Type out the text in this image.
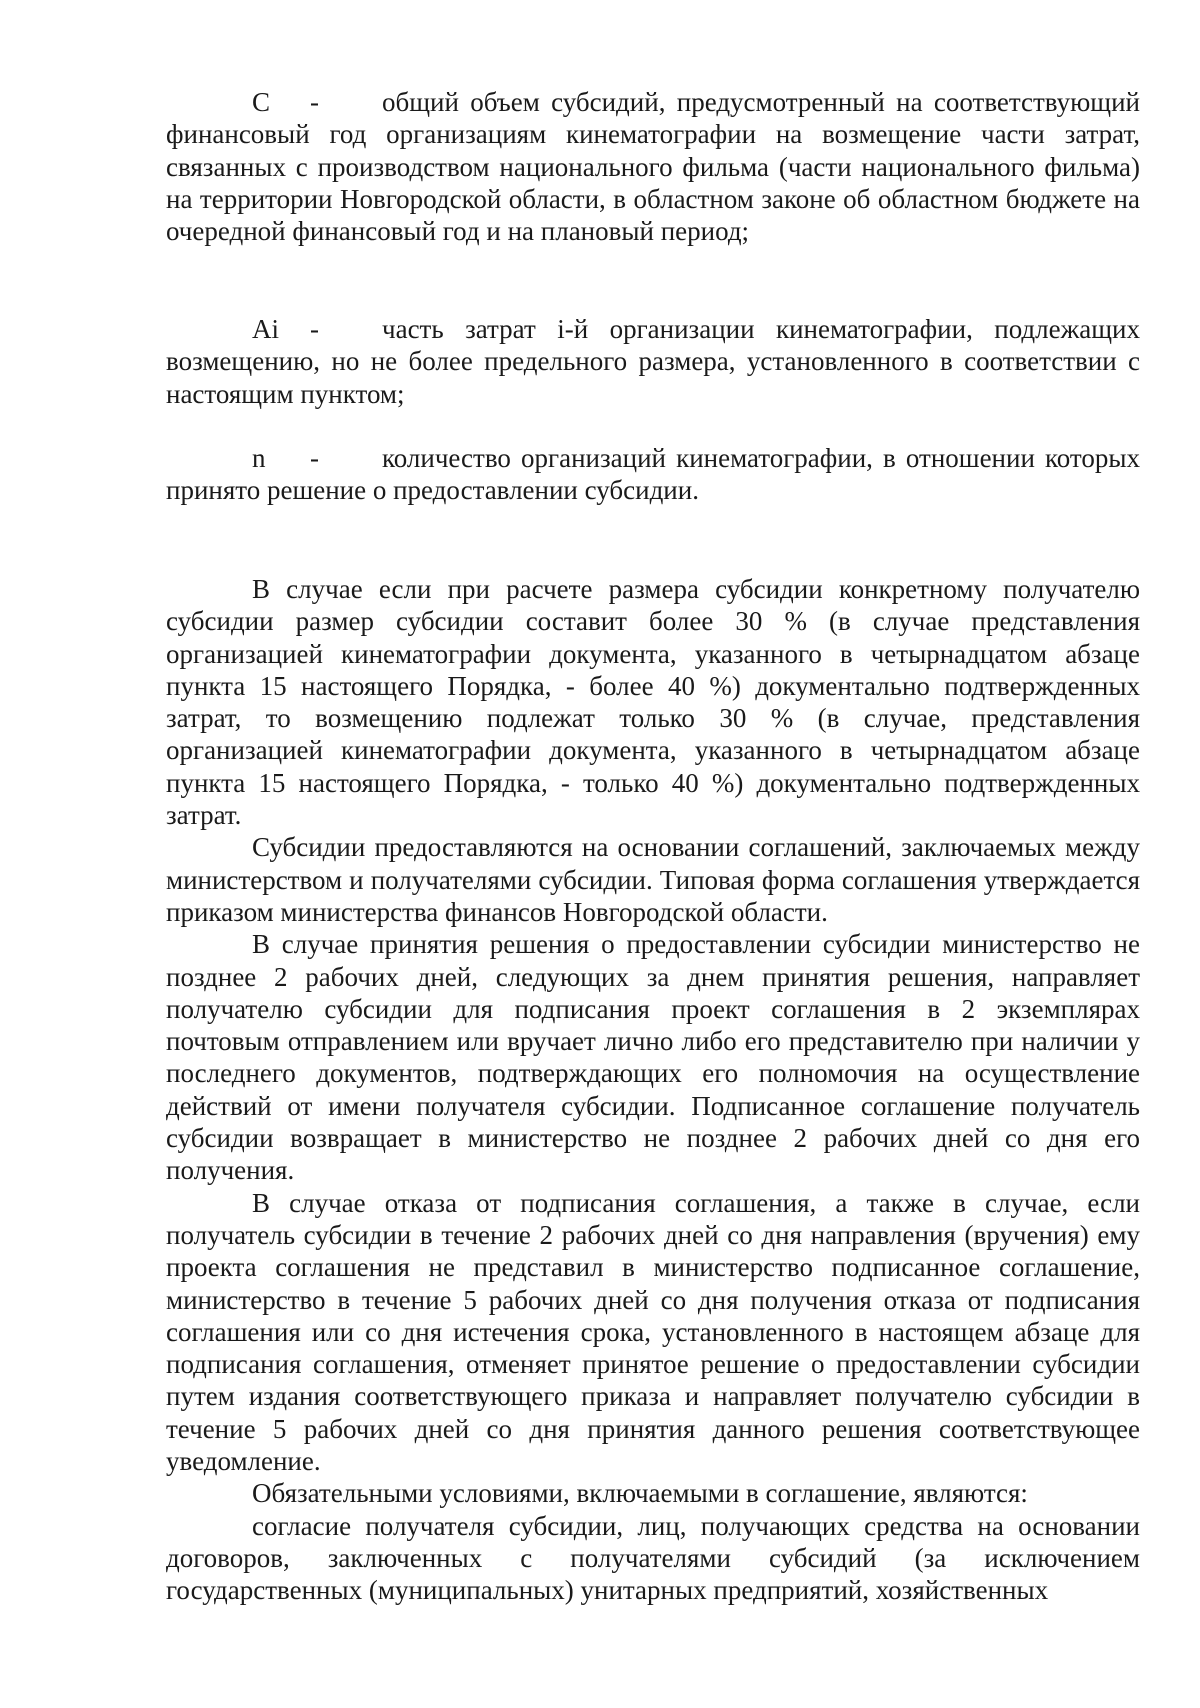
С - общий объем субсидий, предусмотренный на соответствующий финансовый год организациям кинематографии на возмещение части затрат, связанных с производством национального фильма (части национального фильма) на территории Новгородской области, в областном законе об областном бюджете на очередной финансовый год и на плановый период;
Ai - часть затрат i-й организации кинематографии, подлежащих возмещению, но не более предельного размера, установленного в соответствии с настоящим пунктом;
n - количество организаций кинематографии, в отношении которых принято решение о предоставлении субсидии.

В случае если при расчете размера субсидии конкретному получателю субсидии размер субсидии составит более 30 % (в случае представления организацией кинематографии документа, указанного в четырнадцатом абзаце пункта 15 настоящего Порядка, - более 40 %) документально подтвержденных затрат, то возмещению подлежат только 30 % (в случае, представления организацией кинематографии документа, указанного в четырнадцатом абзаце пункта 15 настоящего Порядка, - только 40 %) документально подтвержденных затрат.

Субсидии предоставляются на основании соглашений, заключаемых между министерством и получателями субсидии. Типовая форма соглашения утверждается приказом министерства финансов Новгородской области.

В случае принятия решения о предоставлении субсидии министерство не позднее 2 рабочих дней, следующих за днем принятия решения, направляет получателю субсидии для подписания проект соглашения в 2 экземплярах почтовым отправлением или вручает лично либо его представителю при наличии у последнего документов, подтверждающих его полномочия на осуществление действий от имени получателя субсидии. Подписанное соглашение получатель субсидии возвращает в министерство не позднее 2 рабочих дней со дня его получения.

В случае отказа от подписания соглашения, а также в случае, если получатель субсидии в течение 2 рабочих дней со дня направления (вручения) ему проекта соглашения не представил в министерство подписанное соглашение, министерство в течение 5 рабочих дней со дня получения отказа от подписания соглашения или со дня истечения срока, установленного в настоящем абзаце для подписания соглашения, отменяет принятое решение о предоставлении субсидии путем издания соответствующего приказа и направляет получателю субсидии в течение 5 рабочих дней со дня принятия данного решения соответствующее уведомление.

Обязательными условиями, включаемыми в соглашение, являются:

согласие получателя субсидии, лиц, получающих средства на основании договоров, заключенных с получателями субсидий (за исключением государственных (муниципальных) унитарных предприятий, хозяйственных
